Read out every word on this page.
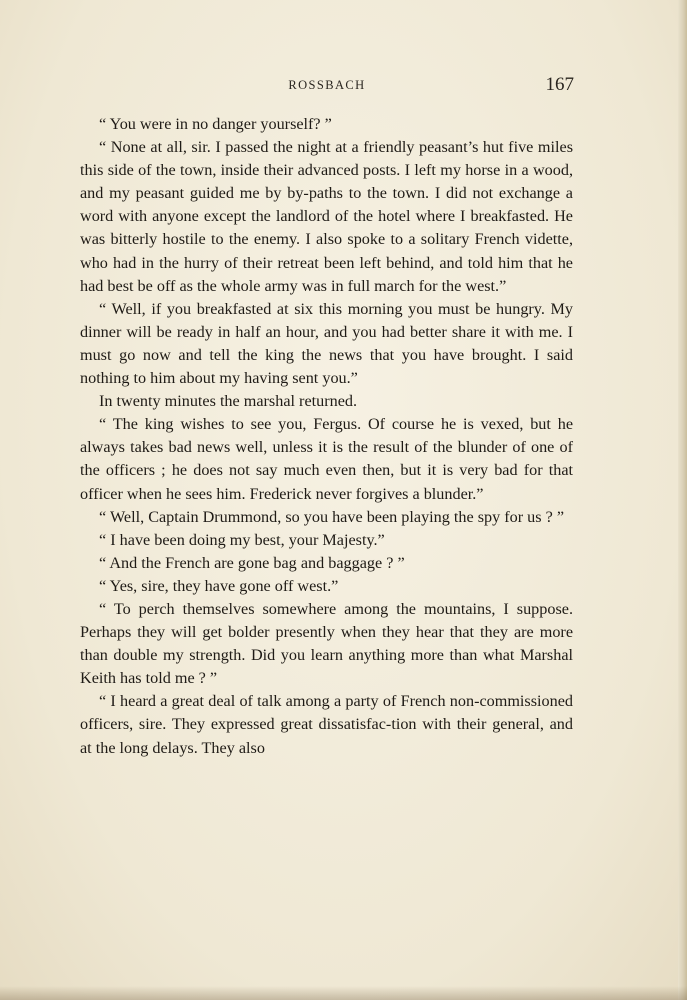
ROSSBACH	167

“ You were in no danger yourself? ”

“ None at all, sir. I passed the night at a friendly peasant’s hut five miles this side of the town, inside their advanced posts. I left my horse in a wood, and my peasant guided me by by-paths to the town. I did not exchange a word with anyone except the landlord of the hotel where I breakfasted. He was bitterly hostile to the enemy. I also spoke to a solitary French vidette, who had in the hurry of their retreat been left behind, and told him that he had best be off as the whole army was in full march for the west.”

“ Well, if you breakfasted at six this morning you must be hungry. My dinner will be ready in half an hour, and you had better share it with me. I must go now and tell the king the news that you have brought. I said nothing to him about my having sent you.”

In twenty minutes the marshal returned.

“ The king wishes to see you, Fergus. Of course he is vexed, but he always takes bad news well, unless it is the result of the blunder of one of the officers ; he does not say much even then, but it is very bad for that officer when he sees him. Frederick never forgives a blunder.”

“ Well, Captain Drummond, so you have been playing the spy for us ? ”

“ I have been doing my best, your Majesty.”

“ And the French are gone bag and baggage ? ”

“ Yes, sire, they have gone off west.”

“ To perch themselves somewhere among the mountains, I suppose. Perhaps they will get bolder presently when they hear that they are more than double my strength. Did you learn anything more than what Marshal Keith has told me ? ”

“ I heard a great deal of talk among a party of French non-commissioned officers, sire. They expressed great dissatisfac-tion with their general, and at the long delays. They also
